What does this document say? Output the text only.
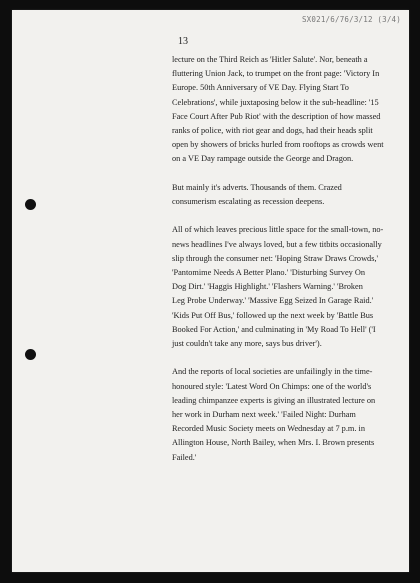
SX021/6/76/3/12 (3/4)
13
lecture on the Third Reich as 'Hitler Salute'. Nor, beneath a
fluttering Union Jack, to trumpet on the front page: 'Victory In
Europe. 50th Anniversary of VE Day. Flying Start To
Celebrations', while juxtaposing below it the sub-headline: '15
Face Court After Pub Riot' with the description of how massed
ranks of police, with riot gear and dogs, had their heads split
open by showers of bricks hurled from rooftops as crowds went
on a VE Day rampage outside the George and Dragon.
But mainly it's adverts. Thousands of them. Crazed
consumerism escalating as recession deepens.
All of which leaves precious little space for the small-town, no-
news headlines I've always loved, but a few titbits occasionally
slip through the consumer net: 'Hoping Straw Draws Crowds,'
'Pantomime Needs A Better Plano.' 'Disturbing Survey On
Dog Dirt.' 'Haggis Highlight.' 'Flashers Warning.' 'Broken
Leg Probe Underway.' 'Massive Egg Seized In Garage Raid.'
'Kids Put Off Bus,' followed up the next week by 'Battle Bus
Booked For Action,' and culminating in 'My Road To Hell' ('I
just couldn't take any more, says bus driver').
And the reports of local societies are unfailingly in the time-
honoured style: 'Latest Word On Chimps: one of the world's
leading chimpanzee experts is giving an illustrated lecture on
her work in Durham next week.' 'Failed Night: Durham
Recorded Music Society meets on Wednesday at 7 p.m. in
Allington House, North Bailey, when Mrs. I. Brown presents
Failed.'
